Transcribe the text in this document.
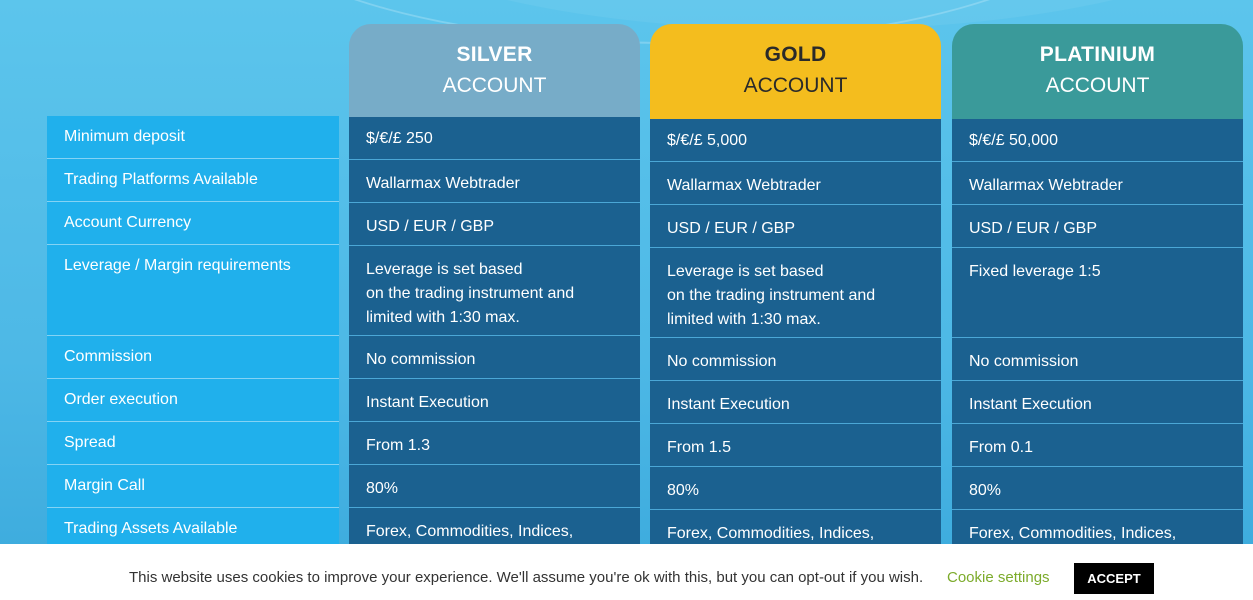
Minimum deposit
Trading Platforms Available
Account Currency
Leverage / Margin requirements
Commission
Order execution
Spread
Margin Call
Trading Assets Available
SILVER
ACCOUNT
$/€/£ 250
Wallarmax Webtrader
USD / EUR / GBP
Leverage is set based
on the trading instrument and
limited with 1:30 max.
No commission
Instant Execution
From 1.3
80%
Forex, Commodities, Indices,
GOLD
ACCOUNT
$/€/£ 5,000
Wallarmax Webtrader
USD / EUR / GBP
Leverage is set based
on the trading instrument and
limited with 1:30 max.
No commission
Instant Execution
From 1.5
80%
Forex, Commodities, Indices,
PLATINIUM
ACCOUNT
$/€/£ 50,000
Wallarmax Webtrader
USD / EUR / GBP
Fixed leverage 1:5
No commission
Instant Execution
From 0.1
80%
Forex, Commodities, Indices,
This website uses cookies to improve your experience. We'll assume you're ok with this, but you can opt-out if you wish. Cookie settings	ACCEPT
